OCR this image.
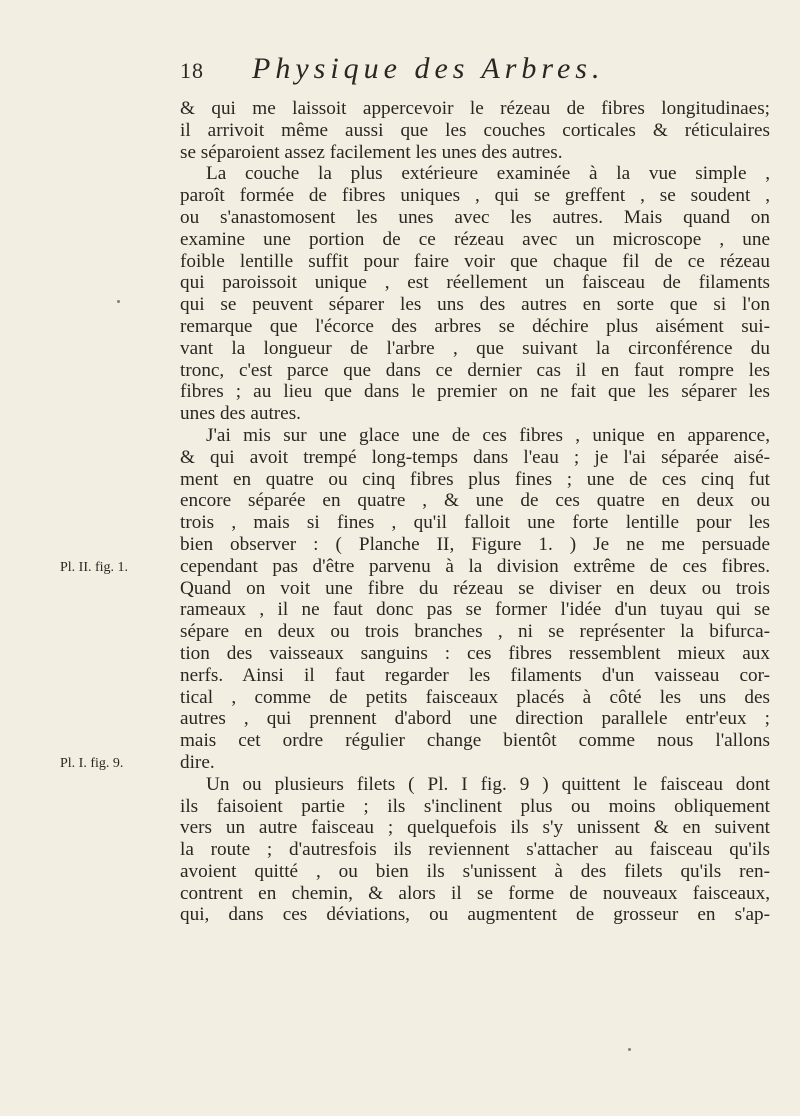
18	Physique des Arbres.
Pl. II. fig. 1.
Pl. I. fig. 9.
& qui me laissoit appercevoir le rézeau de fibres longitudinaes;
il arrivoit même aussi que les couches corticales & réticulaires
se séparoient assez facilement les unes des autres.
La couche la plus extérieure examinée à la vue simple ,
paroît formée de fibres uniques , qui se greffent , se soudent ,
ou s'anastomosent les unes avec les autres. Mais quand on
examine une portion de ce rézeau avec un microscope , une
foible lentille suffit pour faire voir que chaque fil de ce rézeau
qui paroissoit unique , est réellement un faisceau de filaments
qui se peuvent séparer les uns des autres en sorte que si l'on
remarque que l'écorce des arbres se déchire plus aisément sui-
vant la longueur de l'arbre , que suivant la circonférence du
tronc, c'est parce que dans ce dernier cas il en faut rompre les
fibres ; au lieu que dans le premier on ne fait que les séparer les
unes des autres.
J'ai mis sur une glace une de ces fibres , unique en apparence,
& qui avoit trempé long-temps dans l'eau ; je l'ai séparée aisé-
ment en quatre ou cinq fibres plus fines ; une de ces cinq fut
encore séparée en quatre , & une de ces quatre en deux ou
trois , mais si fines , qu'il falloit une forte lentille pour les
bien observer : ( Planche II, Figure 1. ) Je ne me persuade
cependant pas d'être parvenu à la division extrême de ces fibres.
Quand on voit une fibre du rézeau se diviser en deux ou trois
rameaux , il ne faut donc pas se former l'idée d'un tuyau qui se
sépare en deux ou trois branches , ni se représenter la bifurca-
tion des vaisseaux sanguins : ces fibres ressemblent mieux aux
nerfs. Ainsi il faut regarder les filaments d'un vaisseau cor-
tical , comme de petits faisceaux placés à côté les uns des
autres , qui prennent d'abord une direction parallele entr'eux ;
mais cet ordre régulier change bientôt comme nous l'allons
dire.
Un ou plusieurs filets ( Pl. I fig. 9 ) quittent le faisceau dont
ils faisoient partie ; ils s'inclinent plus ou moins obliquement
vers un autre faisceau ; quelquefois ils s'y unissent & en suivent
la route ; d'autresfois ils reviennent s'attacher au faisceau qu'ils
avoient quitté , ou bien ils s'unissent à des filets qu'ils ren-
contrent en chemin, & alors il se forme de nouveaux faisceaux,
qui, dans ces déviations, ou augmentent de grosseur en s'ap-
